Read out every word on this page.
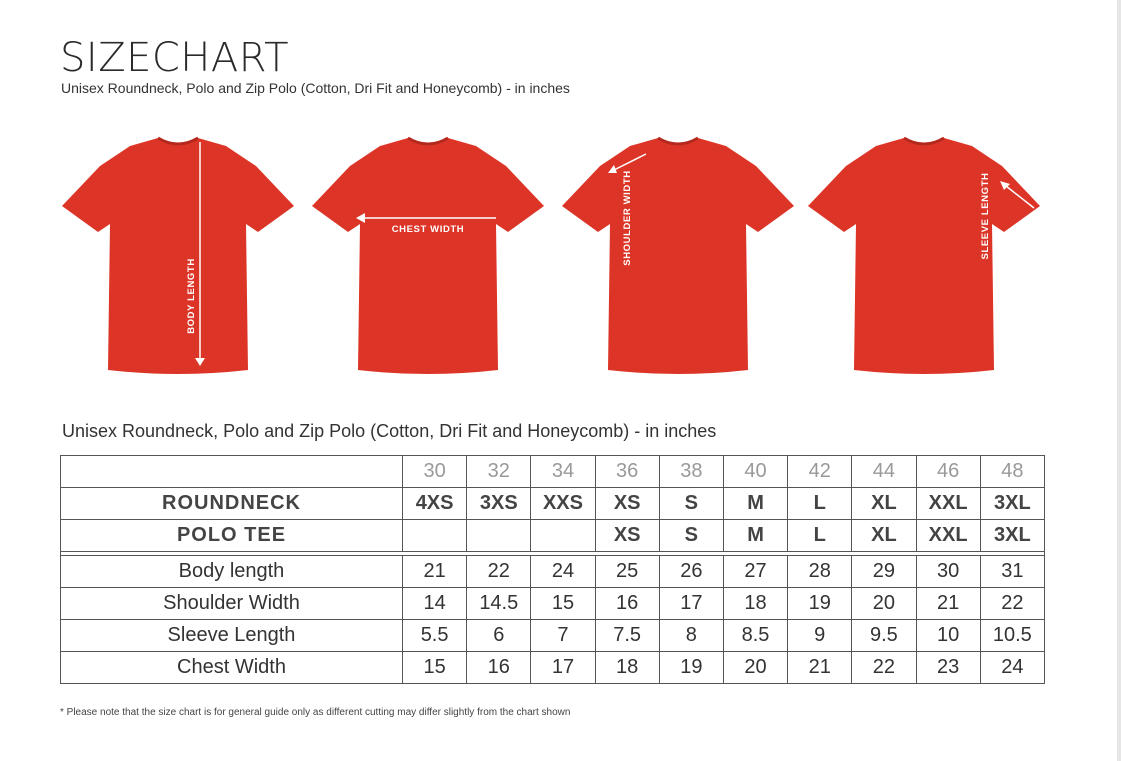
SIZECHART
Unisex Roundneck, Polo and Zip Polo (Cotton, Dri Fit and Honeycomb) - in inches
BODY LENGTH
CHEST WIDTH	SHOULDER WIDTH	SLEEVE LENGTH
Unisex Roundneck, Polo and Zip Polo (Cotton, Dri Fit and Honeycomb) - in inches
	30	32	34	36	38	40	42	44	46	48
ROUNDNECK	4XS	3XS	XXS	XS	S	M	L	XL	XXL	3XL
POLO TEE				XS	S	M	L	XL	XXL	3XL

Body length	21	22	24	25	26	27	28	29	30	31
Shoulder Width	14	14.5	15	16	17	18	19	20	21	22
Sleeve Length	5.5	6	7	7.5	8	8.5	9	9.5	10	10.5
Chest Width	15	16	17	18	19	20	21	22	23	24
* Please note that the size chart is for general guide only as different cutting may differ slightly from the chart shown
